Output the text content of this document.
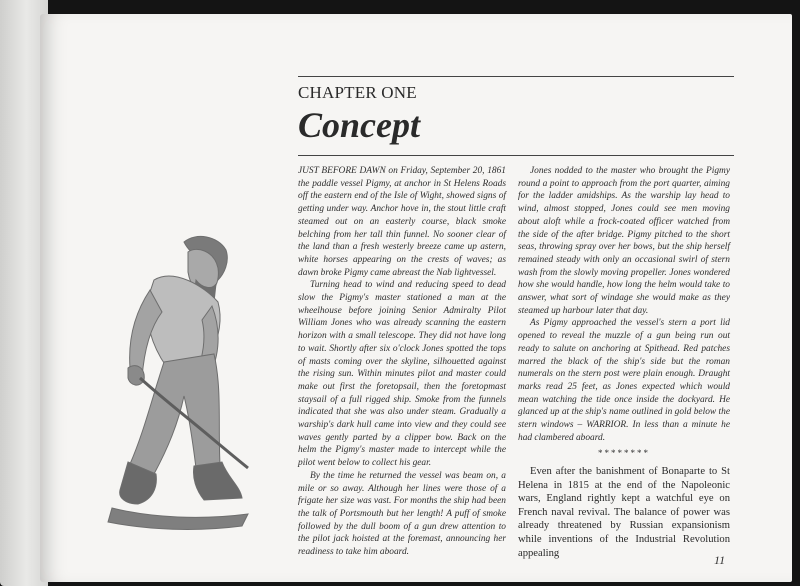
CHAPTER ONE
Concept

JUST BEFORE DAWN on Friday, September 20, 1861 the paddle vessel Pigmy, at anchor in St Helens Roads off the eastern end of the Isle of Wight, showed signs of getting under way. Anchor hove in, the stout little craft steamed out on an easterly course, black smoke belching from her tall thin funnel. No sooner clear of the land than a fresh westerly breeze came up astern, white horses appearing on the crests of waves; as dawn broke Pigmy came abreast the Nab lightvessel.

Turning head to wind and reducing speed to dead slow the Pigmy's master stationed a man at the wheelhouse before joining Senior Admiralty Pilot William Jones who was already scanning the eastern horizon with a small telescope. They did not have long to wait. Shortly after six o'clock Jones spotted the tops of masts coming over the skyline, silhouetted against the rising sun. Within minutes pilot and master could make out first the foretopsail, then the foretopmast staysail of a full rigged ship. Smoke from the funnels indicated that she was also under steam. Gradually a warship's dark hull came into view and they could see waves gently parted by a clipper bow. Back on the helm the Pigmy's master made to intercept while the pilot went below to collect his gear.

By the time he returned the vessel was beam on, a mile or so away. Although her lines were those of a frigate her size was vast. For months the ship had been the talk of Portsmouth but her length! A puff of smoke followed by the dull boom of a gun drew attention to the pilot jack hoisted at the foremast, announcing her readiness to take him aboard.

Jones nodded to the master who brought the Pigmy round a point to approach from the port quarter, aiming for the ladder amidships. As the warship lay head to wind, almost stopped, Jones could see men moving about aloft while a frock-coated officer watched from the side of the after bridge. Pigmy pitched to the short seas, throwing spray over her bows, but the ship herself remained steady with only an occasional swirl of stern wash from the slowly moving propeller. Jones wondered how she would handle, how long the helm would take to answer, what sort of windage she would make as they steamed up harbour later that day.

As Pigmy approached the vessel's stern a port lid opened to reveal the muzzle of a gun being run out ready to salute on anchoring at Spithead. Red patches marred the black of the ship's side but the roman numerals on the stern post were plain enough. Draught marks read 25 feet, as Jones expected which would mean watching the tide once inside the dockyard. He glanced up at the ship's name outlined in gold below the stern windows – WARRIOR. In less than a minute he had clambered aboard.

********

Even after the banishment of Bonaparte to St Helena in 1815 at the end of the Napoleonic wars, England rightly kept a watchful eye on French naval revival. The balance of power was already threatened by Russian expansionism while inventions of the Industrial Revolution appealing	11
